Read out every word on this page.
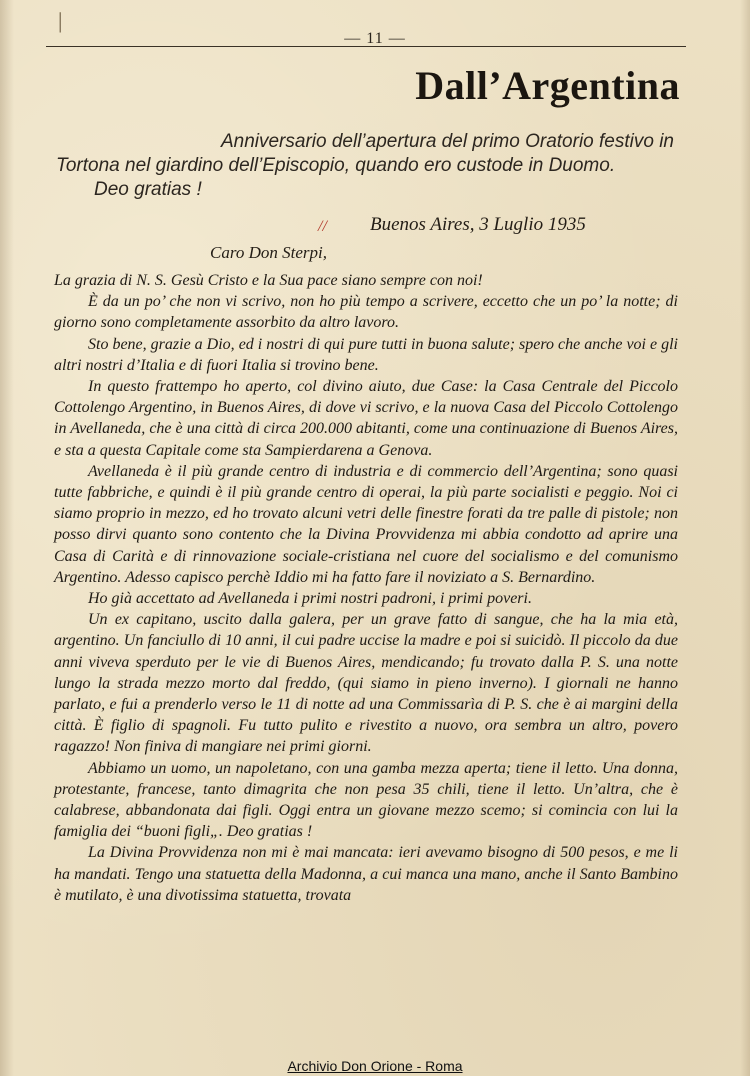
|
— 11 —
Dall’Argentina
Anniversario dell’apertura del primo Oratorio festivo in
Tortona nel giardino dell’Episcopio, quando ero custode in Duomo.
Deo gratias !
// Buenos Aires, 3 Luglio 1935
Caro Don Sterpi,

La grazia di N. S. Gesù Cristo e la Sua pace siano sempre con noi!

È da un po’ che non vi scrivo, non ho più tempo a scrivere, eccetto che un po’ la notte; di giorno sono completamente assorbito da altro lavoro.

Sto bene, grazie a Dio, ed i nostri di qui pure tutti in buona salute; spero che anche voi e gli altri nostri d’Italia e di fuori Italia si trovino bene.

In questo frattempo ho aperto, col divino aiuto, due Case: la Casa Centrale del Piccolo Cottolengo Argentino, in Buenos Aires, di dove vi scrivo, e la nuova Casa del Piccolo Cottolengo in Avellaneda, che è una città di circa 200.000 abitanti, come una continuazione di Buenos Aires, e sta a questa Capitale come sta Sampierdarena a Genova.

Avellaneda è il più grande centro di industria e di commercio dell’Argentina; sono quasi tutte fabbriche, e quindi è il più grande centro di operai, la più parte socialisti e peggio. Noi ci siamo proprio in mezzo, ed ho trovato alcuni vetri delle finestre forati da tre palle di pistole; non posso dirvi quanto sono contento che la Divina Provvidenza mi abbia condotto ad aprire una Casa di Carità e di rinnovazione sociale-cristiana nel cuore del socialismo e del comunismo Argentino. Adesso capisco perchè Iddio mi ha fatto fare il noviziato a S. Bernardino.

Ho già accettato ad Avellaneda i primi nostri padroni, i primi poveri.

Un ex capitano, uscito dalla galera, per un grave fatto di sangue, che ha la mia età, argentino. Un fanciullo di 10 anni, il cui padre uccise la madre e poi si suicidò. Il piccolo da due anni viveva sperduto per le vie di Buenos Aires, mendicando; fu trovato dalla P. S. una notte lungo la strada mezzo morto dal freddo, (qui siamo in pieno inverno). I giornali ne hanno parlato, e fui a prenderlo verso le 11 di notte ad una Commissarìa di P. S. che è ai margini della città. È figlio di spagnoli. Fu tutto pulito e rivestito a nuovo, ora sembra un altro, povero ragazzo! Non finiva di mangiare nei primi giorni.

Abbiamo un uomo, un napoletano, con una gamba mezza aperta; tiene il letto. Una donna, protestante, francese, tanto dimagrita che non pesa 35 chili, tiene il letto. Un’altra, che è calabrese, abbandonata dai figli. Oggi entra un giovane mezzo scemo; si comincia con lui la famiglia dei “buoni figli„. Deo gratias !

La Divina Provvidenza non mi è mai mancata: ieri avevamo bisogno di 500 pesos, e me li ha mandati. Tengo una statuetta della Madonna, a cui manca una mano, anche il Santo Bambino è mutilato, è una divotissima statuetta, trovata

Archivio Don Orione - Roma
